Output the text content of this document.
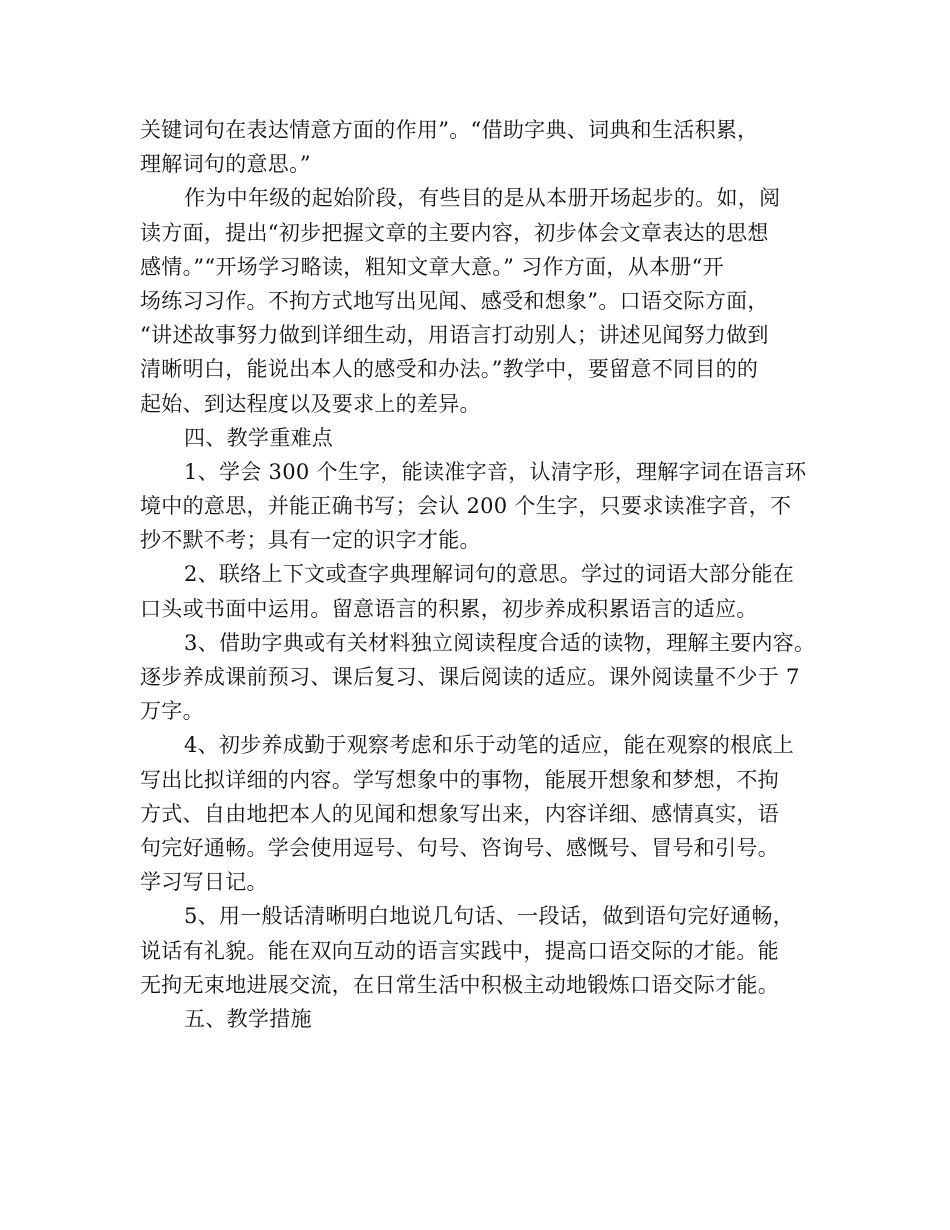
关键词句在表达情意方面的作用”。“借助字典、词典和生活积累，
理解词句的意思。”
作为中年级的起始阶段，有些目的是从本册开场起步的。如，阅
读方面，提出“初步把握文章的主要内容，初步体会文章表达的思想
感情。”“开场学习略读，粗知文章大意。” 习作方面，从本册“开
场练习习作。不拘方式地写出见闻、感受和想象”。口语交际方面，
“讲述故事努力做到详细生动，用语言打动别人；讲述见闻努力做到
清晰明白，能说出本人的感受和办法。”教学中，要留意不同目的的
起始、到达程度以及要求上的差异。
四、教学重难点
1、学会 300 个生字，能读准字音，认清字形，理解字词在语言环
境中的意思，并能正确书写；会认 200 个生字，只要求读准字音，不
抄不默不考；具有一定的识字才能。
2、联络上下文或查字典理解词句的意思。学过的词语大部分能在
口头或书面中运用。留意语言的积累，初步养成积累语言的适应。
3、借助字典或有关材料独立阅读程度合适的读物，理解主要内容。
逐步养成课前预习、课后复习、课后阅读的适应。课外阅读量不少于 7
万字。
4、初步养成勤于观察考虑和乐于动笔的适应，能在观察的根底上
写出比拟详细的内容。学写想象中的事物，能展开想象和梦想，不拘
方式、自由地把本人的见闻和想象写出来，内容详细、感情真实，语
句完好通畅。学会使用逗号、句号、咨询号、感慨号、冒号和引号。
学习写日记。
5、用一般话清晰明白地说几句话、一段话，做到语句完好通畅，
说话有礼貌。能在双向互动的语言实践中，提高口语交际的才能。能
无拘无束地进展交流，在日常生活中积极主动地锻炼口语交际才能。
五、教学措施
